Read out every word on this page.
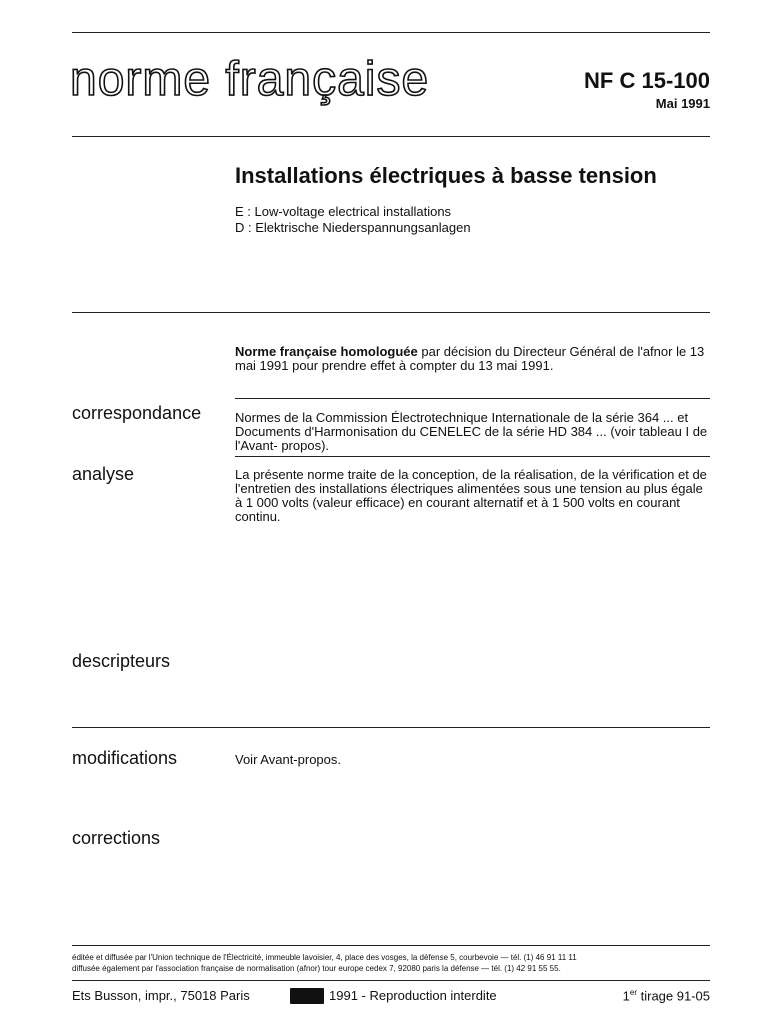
norme française	NF C 15-100
Mai 1991
Installations électriques à basse tension
E : Low-voltage electrical installations
D : Elektrische Niederspannungsanlagen
Norme française homologuée par décision du Directeur Général de l'afnor le 13 mai 1991 pour prendre effet à compter du 13 mai 1991.
correspondance	Normes de la Commission Électrotechnique Internationale de la série 364 ... et Documents d'Harmonisation du CENELEC de la série HD 384 ... (voir tableau I de l'Avant- propos).
analyse	La présente norme traite de la conception, de la réalisation, de la vérification et de l'entretien des installations électriques alimentées sous une tension au plus égale à 1 000 volts (valeur efficace) en courant alternatif et à 1 500 volts en courant continu.
descripteurs
modifications	Voir Avant-propos.
corrections
éditée et diffusée par l'Union technique de l'Électricité, immeuble lavoisier, 4, place des vosges, la défense 5, courbevoie — tél. (1) 46 91 11 11
diffusée également par l'association française de normalisation (afnor) tour europe cedex 7, 92080 paris la défense — tél. (1) 42 91 55 55.
Ets Busson, impr., 75018 Paris	1991 - Reproduction interdite	1er tirage 91-05
